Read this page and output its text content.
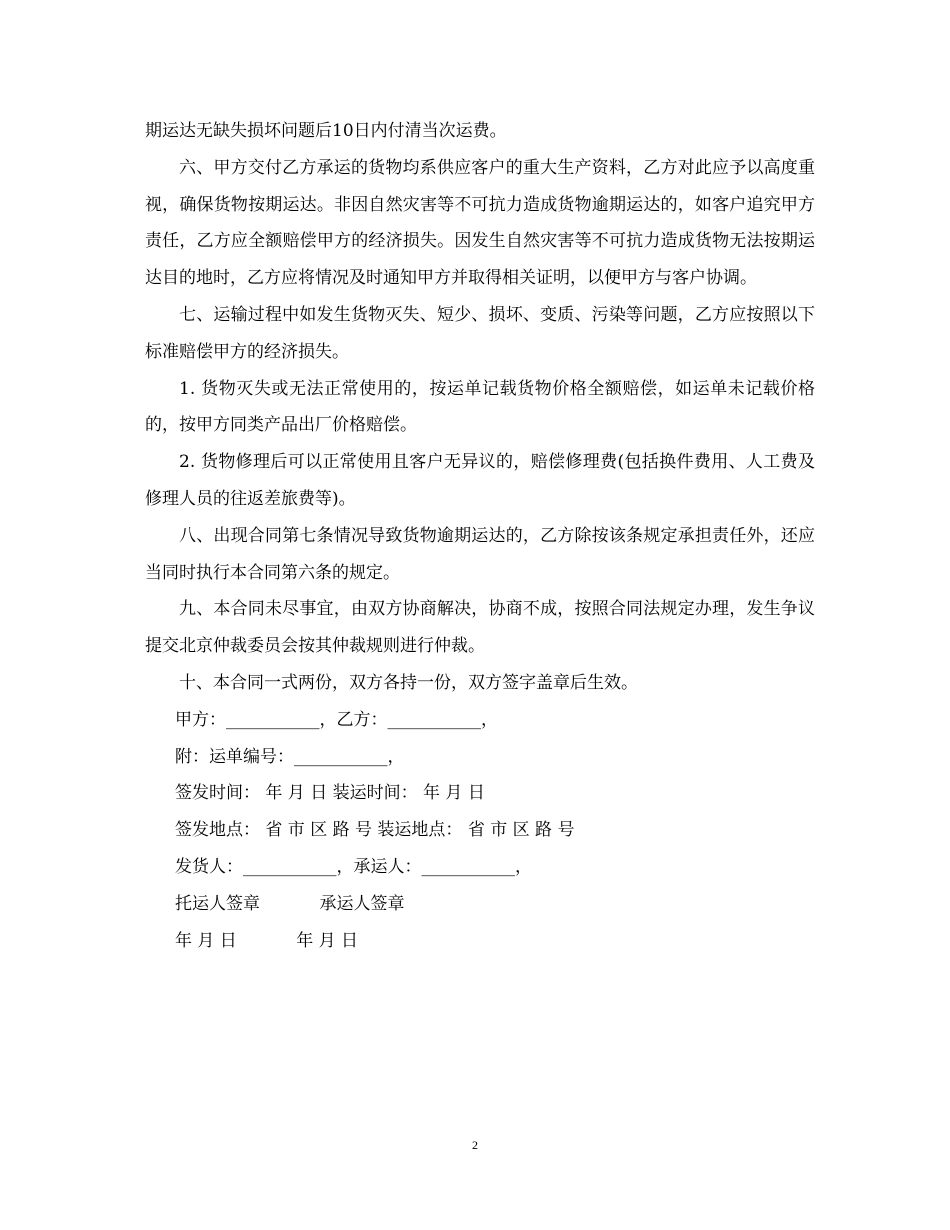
期运达无缺失损坏问题后10日内付清当次运费。

六、甲方交付乙方承运的货物均系供应客户的重大生产资料，乙方对此应予以高度重视，确保货物按期运达。非因自然灾害等不可抗力造成货物逾期运达的，如客户追究甲方责任，乙方应全额赔偿甲方的经济损失。因发生自然灾害等不可抗力造成货物无法按期运达目的地时，乙方应将情况及时通知甲方并取得相关证明，以便甲方与客户协调。

七、运输过程中如发生货物灭失、短少、损坏、变质、污染等问题，乙方应按照以下标准赔偿甲方的经济损失。

1. 货物灭失或无法正常使用的，按运单记载货物价格全额赔偿，如运单未记载价格的，按甲方同类产品出厂价格赔偿。

2. 货物修理后可以正常使用且客户无异议的，赔偿修理费(包括换件费用、人工费及修理人员的往返差旅费等)。

八、出现合同第七条情况导致货物逾期运达的，乙方除按该条规定承担责任外，还应当同时执行本合同第六条的规定。

九、本合同未尽事宜，由双方协商解决，协商不成，按照合同法规定办理，发生争议提交北京仲裁委员会按其仲裁规则进行仲裁。

十、本合同一式两份，双方各持一份，双方签字盖章后生效。

甲方：___________，乙方：___________，

附：运单编号：___________，

签发时间： 年 月 日 装运时间： 年 月 日

签发地点： 省 市 区 路 号 装运地点： 省 市 区 路 号

发货人：___________，承运人：___________，

托运人签章           承运人签章

年 月 日           年 月 日

2
